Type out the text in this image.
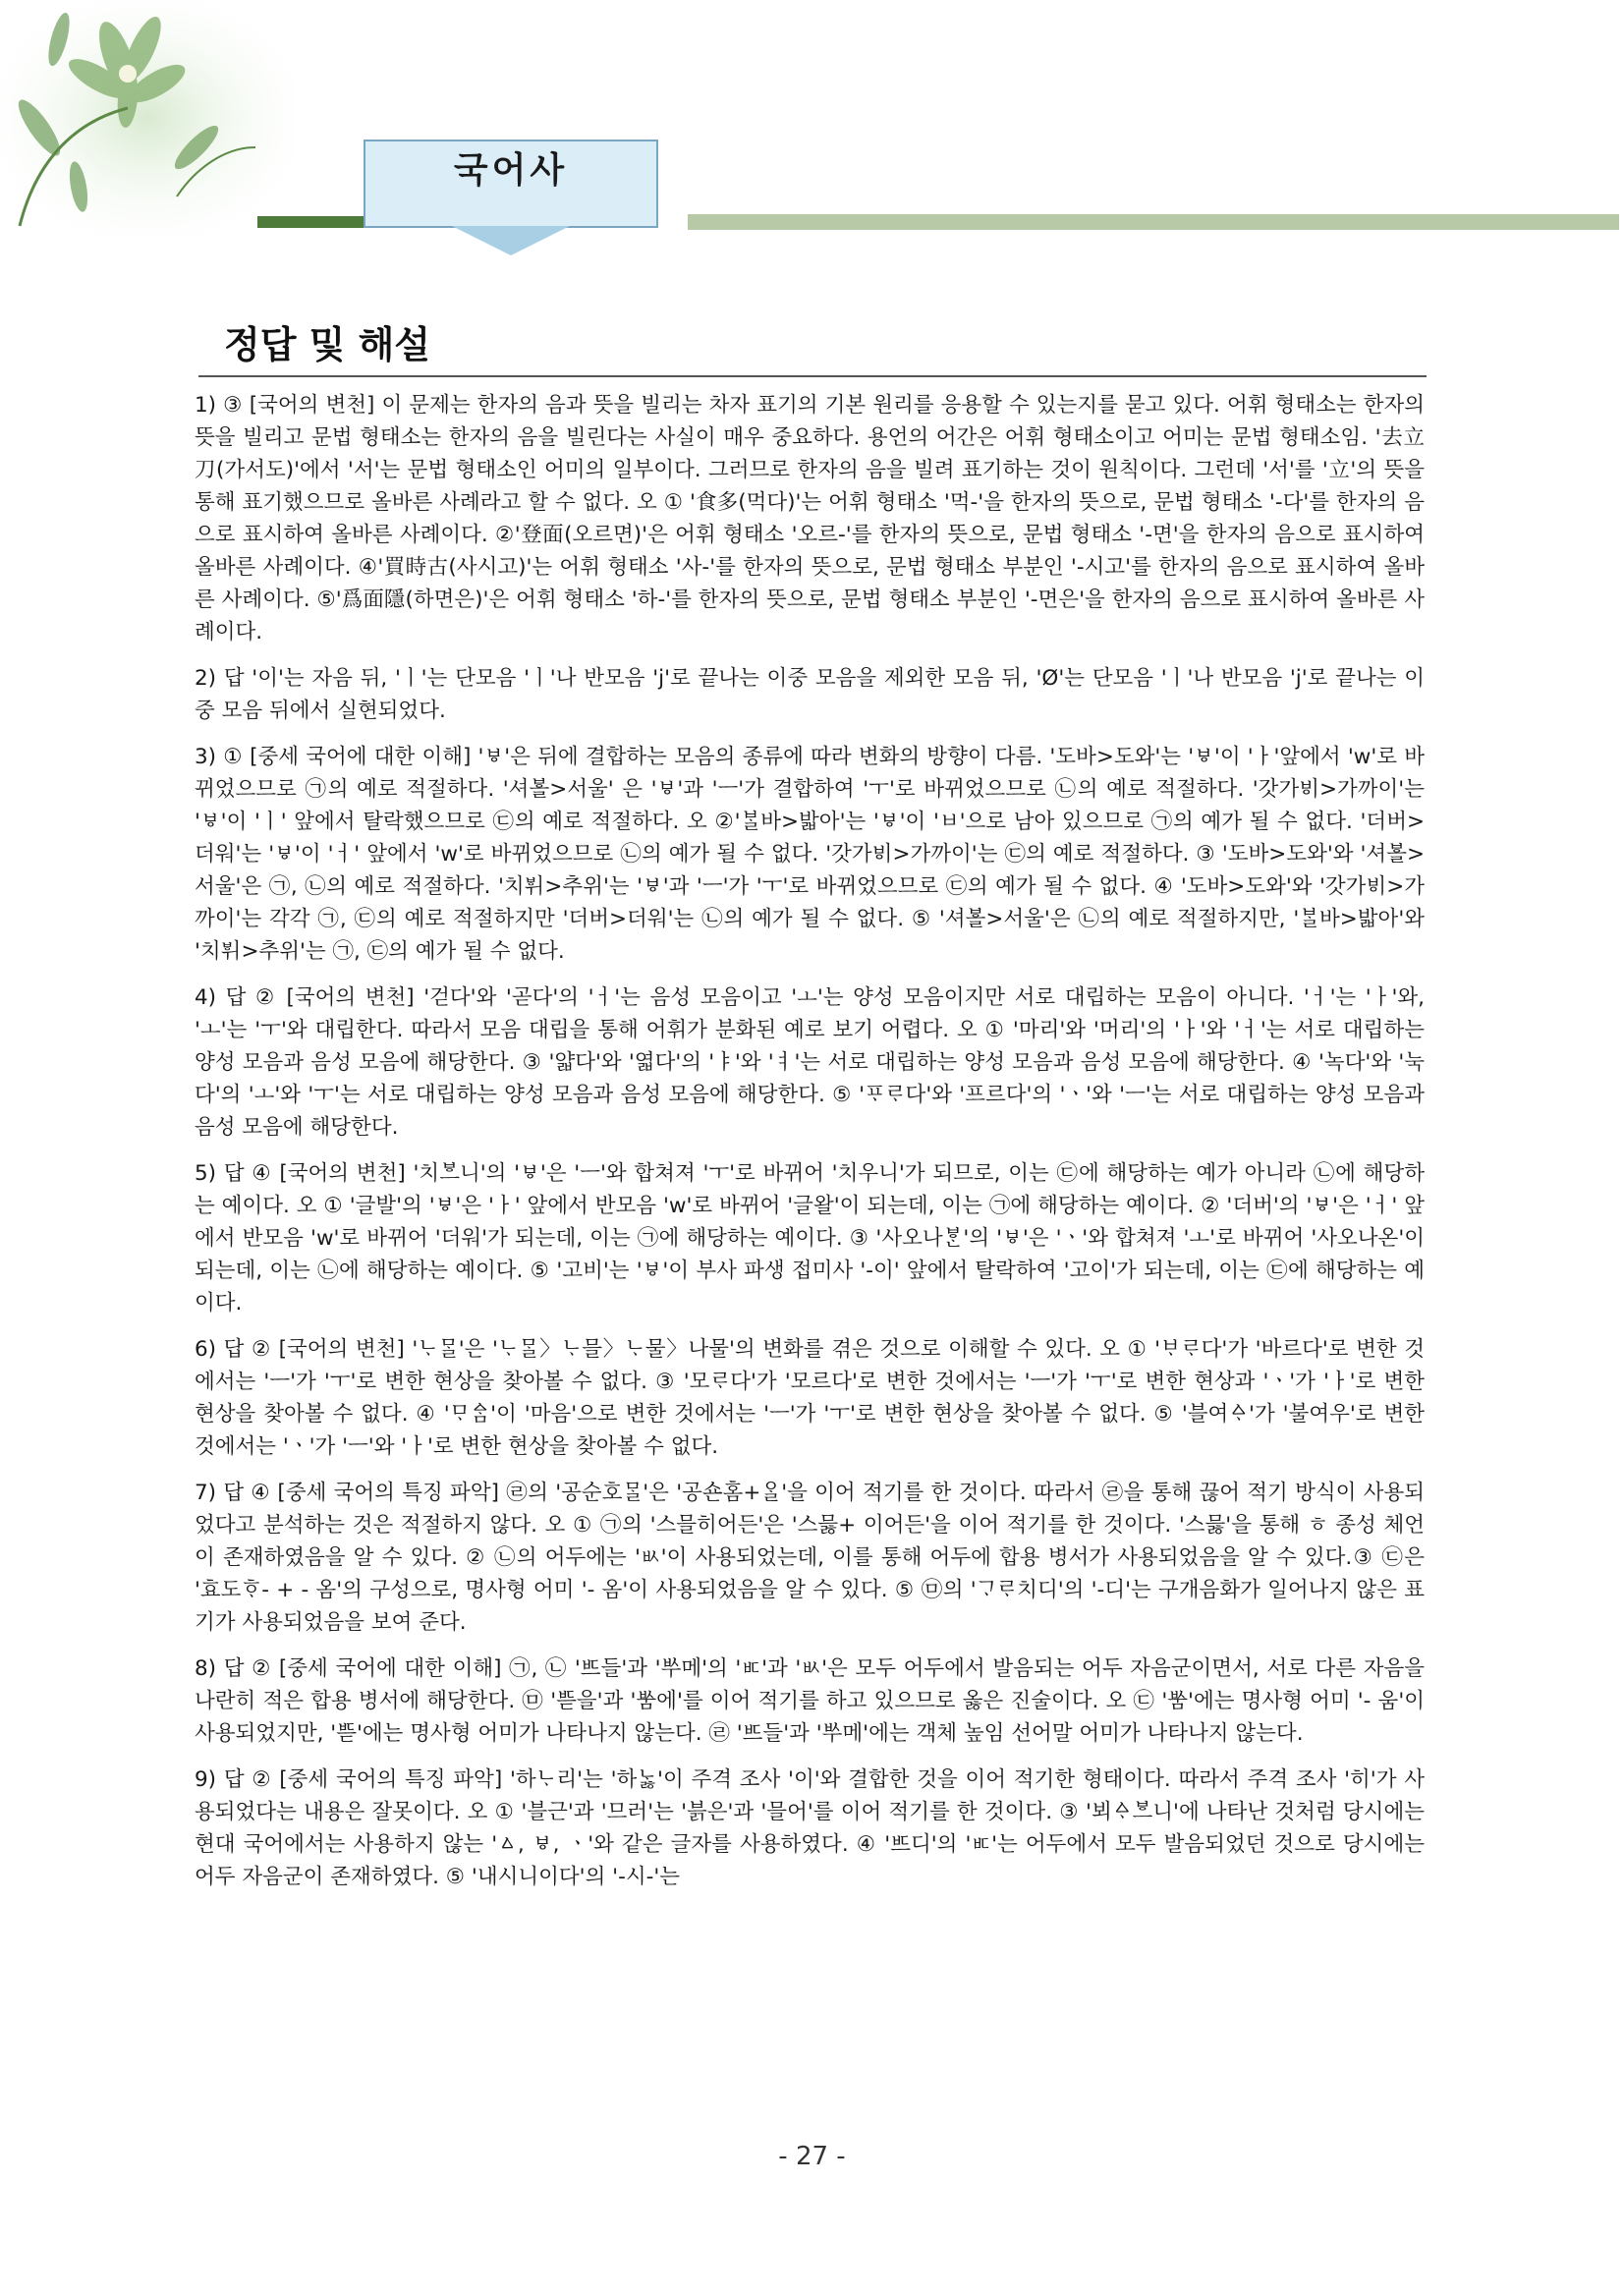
국어사
정답 및 해설
1) ③ [국어의 변천] 이 문제는 한자의 음과 뜻을 빌리는 차자 표기의 기본 원리를 응용할 수 있는지를 묻고 있다. 어휘 형태소는 한자의 뜻을 빌리고 문법 형태소는 한자의 음을 빌린다는 사실이 매우 중요하다. 용언의 어간은 어휘 형태소이고 어미는 문법 형태소임. '去立刀(가서도)'에서 '서'는 문법 형태소인 어미의 일부이다. 그러므로 한자의 음을 빌려 표기하는 것이 원칙이다. 그런데 '서'를 '立'의 뜻을 통해 표기했으므로 올바른 사례라고 할 수 없다. 오 ① '食多(먹다)'는 어휘 형태소 '먹-'을 한자의 뜻으로, 문법 형태소 '-다'를 한자의 음으로 표시하여 올바른 사례이다. ②'登面(오르면)'은 어휘 형태소 '오르-'를 한자의 뜻으로, 문법 형태소 '-면'을 한자의 음으로 표시하여 올바른 사례이다. ④'買時古(사시고)'는 어휘 형태소 '사-'를 한자의 뜻으로, 문법 형태소 부분인 '-시고'를 한자의 음으로 표시하여 올바른 사례이다. ⑤'爲面隱(하면은)'은 어휘 형태소 '하-'를 한자의 뜻으로, 문법 형태소 부분인 '-면은'을 한자의 음으로 표시하여 올바른 사례이다.
2) 답 '이'는 자음 뒤, 'ㅣ'는 단모음 'ㅣ'나 반모음 'j'로 끝나는 이중 모음을 제외한 모음 뒤, 'Ø'는 단모음 'ㅣ'나 반모음 'j'로 끝나는 이중 모음 뒤에서 실현되었다.
3) ① [중세 국어에 대한 이해] 'ㅸ'은 뒤에 결합하는 모음의 종류에 따라 변화의 방향이 다름. '도바>도와'는 'ㅸ'이 'ㅏ'앞에서 'w'로 바뀌었으므로 ㉠의 예로 적절하다. '셔ᄫᅳᆯ>서울' 은 'ㅸ'과 'ㅡ'가 결합하여 'ㅜ'로 바뀌었으므로 ㉡의 예로 적절하다. '갓가ᄫᅵ>가까이'는 'ㅸ'이 'ㅣ' 앞에서 탈락했으므로 ㉢의 예로 적절하다. 오 ②'ᄇᆞᆯ바>밟아'는 'ㅸ'이 'ㅂ'으로 남아 있으므로 ㉠의 예가 될 수 없다. '더버>더워'는 'ㅸ'이 'ㅓ' 앞에서 'w'로 바뀌었으므로 ㉡의 예가 될 수 없다. '갓가ᄫᅵ>가까이'는 ㉢의 예로 적절하다. ③ '도바>도와'와 '셔ᄫᅳᆯ>서울'은 ㉠, ㉡의 예로 적절하다. '치ᄫᅱ>추위'는 'ㅸ'과 'ㅡ'가 'ㅜ'로 바뀌었으므로 ㉢의 예가 될 수 없다. ④ '도바>도와'와 '갓가ᄫᅵ>가까이'는 각각 ㉠, ㉢의 예로 적절하지만 '더버>더워'는 ㉡의 예가 될 수 없다. ⑤ '셔ᄫᅳᆯ>서울'은 ㉡의 예로 적절하지만, 'ᄇᆞᆯ바>밟아'와 '치ᄫᅱ>추위'는 ㉠, ㉢의 예가 될 수 없다.
4) 답 ② [국어의 변천] '걷다'와 '곧다'의 'ㅓ'는 음성 모음이고 'ㅗ'는 양성 모음이지만 서로 대립하는 모음이 아니다. 'ㅓ'는 'ㅏ'와, 'ㅗ'는 'ㅜ'와 대립한다. 따라서 모음 대립을 통해 어휘가 분화된 예로 보기 어렵다. 오 ① '마리'와 '머리'의 'ㅏ'와 'ㅓ'는 서로 대립하는 양성 모음과 음성 모음에 해당한다. ③ '얇다'와 '엷다'의 'ㅑ'와 'ㅕ'는 서로 대립하는 양성 모음과 음성 모음에 해당한다. ④ '녹다'와 '눅다'의 'ㅗ'와 'ㅜ'는 서로 대립하는 양성 모음과 음성 모음에 해당한다. ⑤ 'ᄑᆞᄅᆞ다'와 '프르다'의 'ㆍ'와 'ㅡ'는 서로 대립하는 양성 모음과 음성 모음에 해당한다.
5) 답 ④ [국어의 변천] '치ᄫᅳ니'의 'ㅸ'은 'ㅡ'와 합쳐져 'ㅜ'로 바뀌어 '치우니'가 되므로, 이는 ㉢에 해당하는 예가 아니라 ㉡에 해당하는 예이다. 오 ① '글발'의 'ㅸ'은 'ㅏ' 앞에서 반모음 'w'로 바뀌어 '글왈'이 되는데, 이는 ㉠에 해당하는 예이다. ② '더버'의 'ㅸ'은 'ㅓ' 앞에서 반모음 'w'로 바뀌어 '더워'가 되는데, 이는 ㉠에 해당하는 예이다. ③ '사오나ᄫᆞᆫ'의 'ㅸ'은 'ㆍ'와 합쳐져 'ㅗ'로 바뀌어 '사오나온'이 되는데, 이는 ㉡에 해당하는 예이다. ⑤ '고비'는 'ㅸ'이 부사 파생 접미사 '-이' 앞에서 탈락하여 '고이'가 되는데, 이는 ㉢에 해당하는 예이다.
6) 답 ② [국어의 변천] 'ᄂᆞᄆᆞᆯ'은 'ᄂᆞᄆᆞᆯ〉ᄂᆞ믈〉ᄂᆞ물〉나물'의 변화를 겪은 것으로 이해할 수 있다. 오 ① 'ᄇᆞᄅᆞ다'가 '바르다'로 변한 것에서는 'ㅡ'가 'ㅜ'로 변한 현상을 찾아볼 수 없다. ③ '모ᄅᆞ다'가 '모르다'로 변한 것에서는 'ㅡ'가 'ㅜ'로 변한 현상과 'ㆍ'가 'ㅏ'로 변한 현상을 찾아볼 수 없다. ④ 'ᄆᆞᅀᆞᆷ'이 '마음'으로 변한 것에서는 'ㅡ'가 'ㅜ'로 변한 현상을 찾아볼 수 없다. ⑤ '블여ᅀᆞ'가 '불여우'로 변한 것에서는 'ㆍ'가 'ㅡ'와 'ㅏ'로 변한 현상을 찾아볼 수 없다.
7) 답 ④ [중세 국어의 특징 파악] ㉣의 '공순호ᄆᆞᆯ'은 '공숀홈+ᄋᆞᆯ'을 이어 적기를 한 것이다. 따라서 ㉣을 통해 끊어 적기 방식이 사용되었다고 분석하는 것은 적절하지 않다. 오 ① ㉠의 '스믈히어든'은 '스믏+ 이어든'을 이어 적기를 한 것이다. '스믏'을 통해 ㅎ 종성 체언이 존재하였음을 알 수 있다. ② ㉡의 어두에는 'ㅄ'이 사용되었는데, 이를 통해 어두에 합용 병서가 사용되었음을 알 수 있다.③ ㉢은 '효도ᄒᆞ- + - 옴'의 구성으로, 명사형 어미 '- 옴'이 사용되었음을 알 수 있다. ⑤ ㉤의 'ᄀᆞᄅᆞ치디'의 '-디'는 구개음화가 일어나지 않은 표기가 사용되었음을 보여 준다.
8) 답 ② [중세 국어에 대한 이해] ㉠, ㉡ 'ᄠᅳ들'과 'ᄡᅮ메'의 'ㅳ'과 'ㅄ'은 모두 어두에서 발음되는 어두 자음군이면서, 서로 다른 자음을 나란히 적은 합용 병서에 해당한다. ㉤ 'ᄠᅳᆮ을'과 'ᄡᅮᆷ에'를 이어 적기를 하고 있으므로 옳은 진술이다. 오 ㉢ 'ᄡᅮᆷ'에는 명사형 어미 '- 움'이 사용되었지만, 'ᄠᅳᆮ'에는 명사형 어미가 나타나지 않는다. ㉣ 'ᄠᅳ들'과 'ᄡᅮ메'에는 객체 높임 선어말 어미가 나타나지 않는다.
9) 답 ② [중세 국어의 특징 파악] '하ᄂᆞ리'는 '하ᄂᆞᆶ'이 주격 조사 '이'와 결합한 것을 이어 적기한 형태이다. 따라서 주격 조사 '히'가 사용되었다는 내용은 잘못이다. 오 ① '블근'과 '므러'는 '븕은'과 '믈어'를 이어 적기를 한 것이다. ③ '뵈ᅀᆞᄫᅳ니'에 나타난 것처럼 당시에는 현대 국어에서는 사용하지 않는 'ㅿ, ㅸ, ㆍ'와 같은 글자를 사용하였다. ④ 'ᄠᅳ디'의 'ㅳ'는 어두에서 모두 발음되었던 것으로 당시에는 어두 자음군이 존재하였다. ⑤ '내시니이다'의 '-시-'는
- 27 -
